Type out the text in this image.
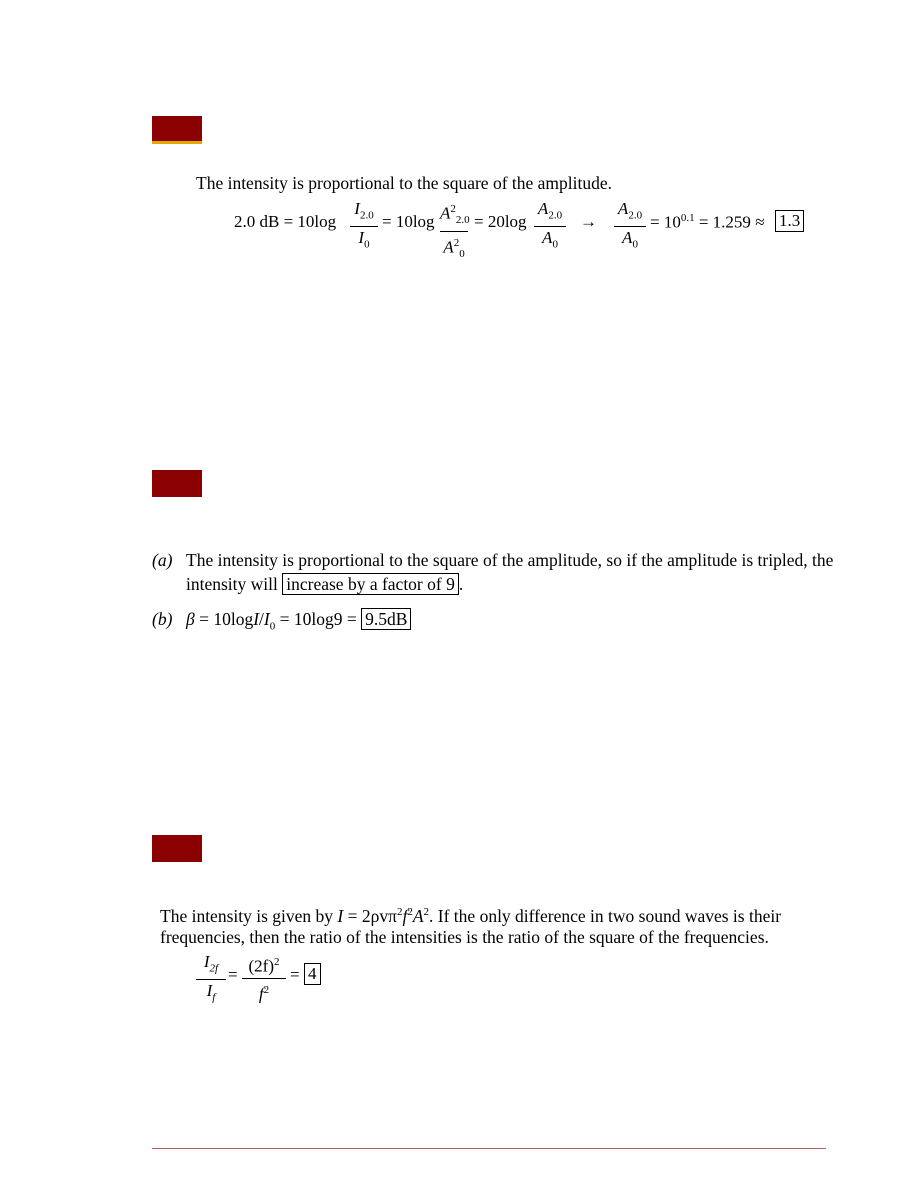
The intensity is proportional to the square of the amplitude.
2.0 dB = 10log
$I_{2.0}$
$I_0$
= 10log $A^2_{2.0}$
$A^2_0$
= 20log
$A_{2.0}$
$A_0$
→
$A_{2.0}$
$A_0$
= $10^{0.1} = 1.259 \approx 1.3$
(a) The intensity is proportional to the square of the amplitude, so if the amplitude is tripled, the
intensity will increase by a factor of 9 .
(b) $\beta = 10\log I/I_0 = 10\log 9 = 9.5dB$
The intensity is given by $I = 2\rho v\pi^2f^2A^2$. If the only difference in two sound waves is their
frequencies, then the ratio of the intensities is the ratio of the square of the frequencies.
$I_{2f}$
$I_f$
= $(2f)^2$
$f^2$
= 4
